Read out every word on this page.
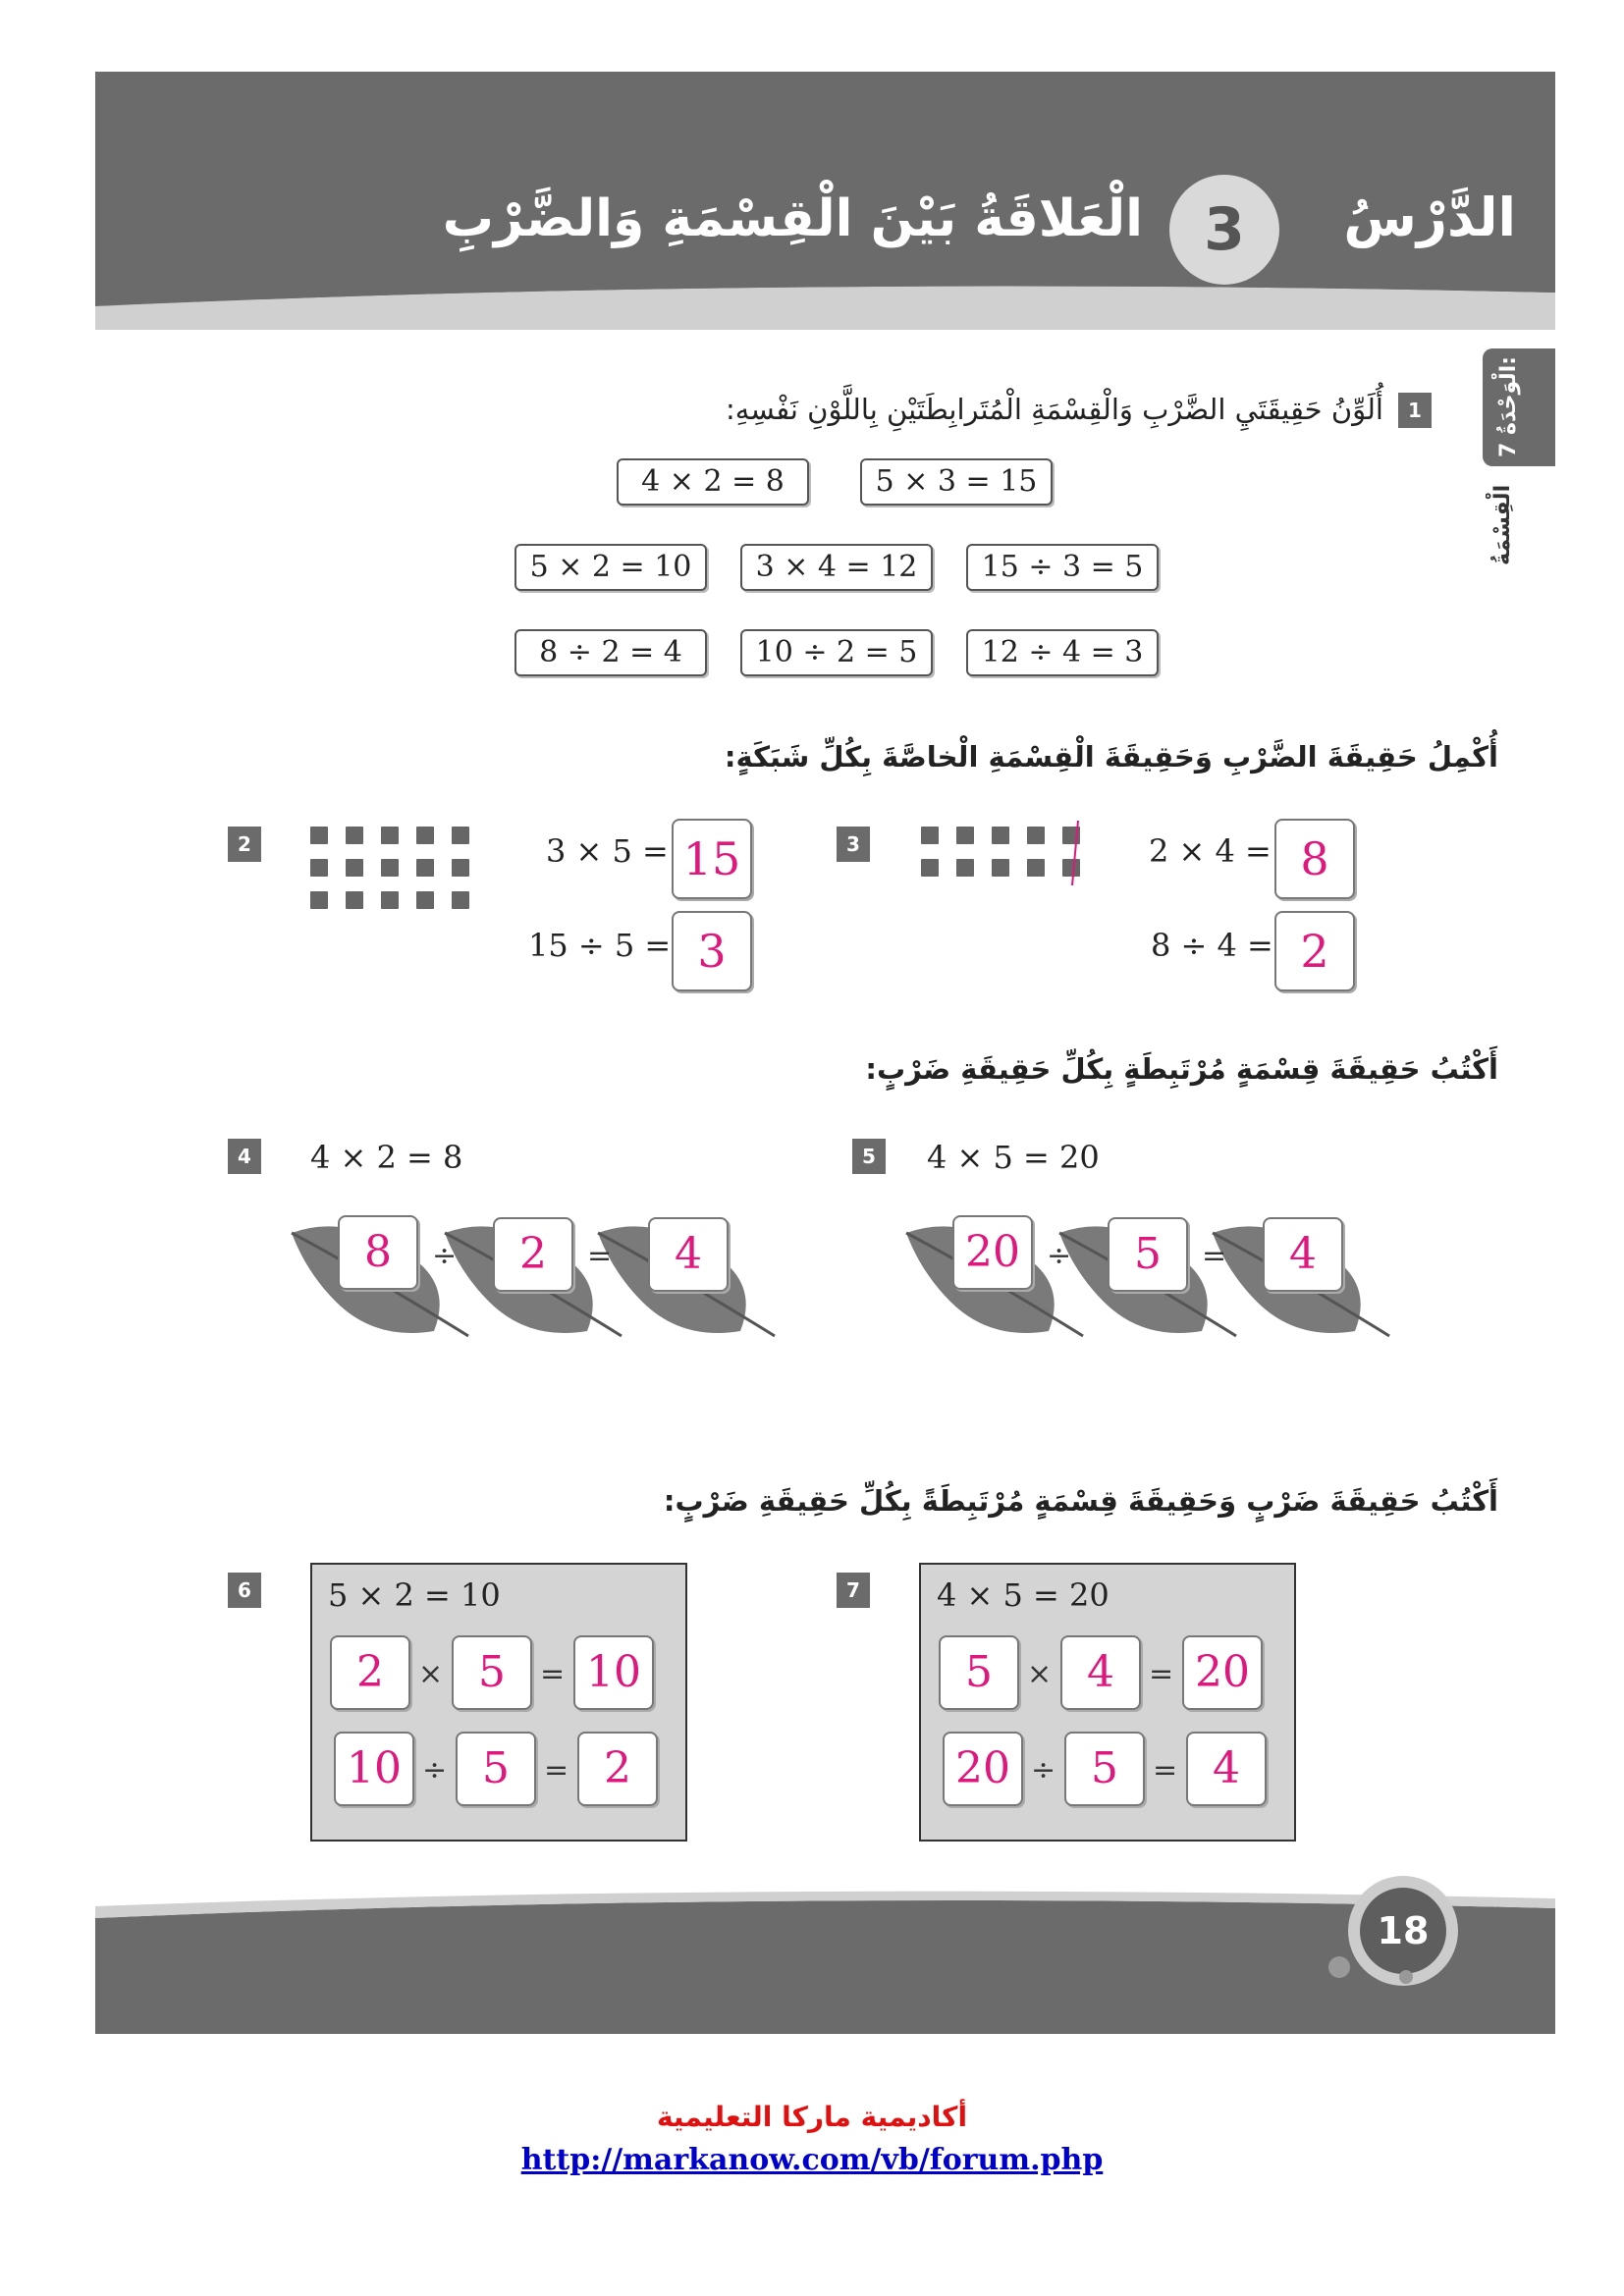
الدَّرْسُ
3
الْعَلاقَةُ بَيْنَ الْقِسْمَةِ وَالضَّرْبِ
الْوَحْدَةُ 7:
الْقِسْمَةُ
1
أُلَوِّنُ حَقِيقَتَيِ الضَّرْبِ وَالْقِسْمَةِ الْمُتَرابِطَتَيْنِ بِاللَّوْنِ نَفْسِهِ:
4 × 2 = 8	5 × 3 = 15
5 × 2 = 10	3 × 4 = 12	15 ÷ 3 = 5
8 ÷ 2 = 4	10 ÷ 2 = 5	12 ÷ 4 = 3
أُكْمِلُ حَقِيقَةَ الضَّرْبِ وَحَقِيقَةَ الْقِسْمَةِ الْخاصَّةَ بِكُلِّ شَبَكَةٍ:
2	3 × 5 = 15
15 ÷ 5 = 3
3	2 × 4 = 8
8 ÷ 4 = 2
أَكْتُبُ حَقِيقَةَ قِسْمَةٍ مُرْتَبِطَةٍ بِكُلِّ حَقِيقَةِ ضَرْبٍ:
4	4 × 2 = 8
8	÷	2	=	4
5	4 × 5 = 20
20 ÷	5	=	4
أَكْتُبُ حَقِيقَةَ ضَرْبٍ وَحَقِيقَةَ قِسْمَةٍ مُرْتَبِطَةً بِكُلِّ حَقِيقَةِ ضَرْبٍ:
6	5 × 2 = 10
2	× 5	= 10
10 ÷ 5	= 2
7	4 × 5 = 20
5	× 4	= 20
20 ÷ 5	= 4
18
أكاديمية ماركا التعليمية
http://markanow.com/vb/forum.php
